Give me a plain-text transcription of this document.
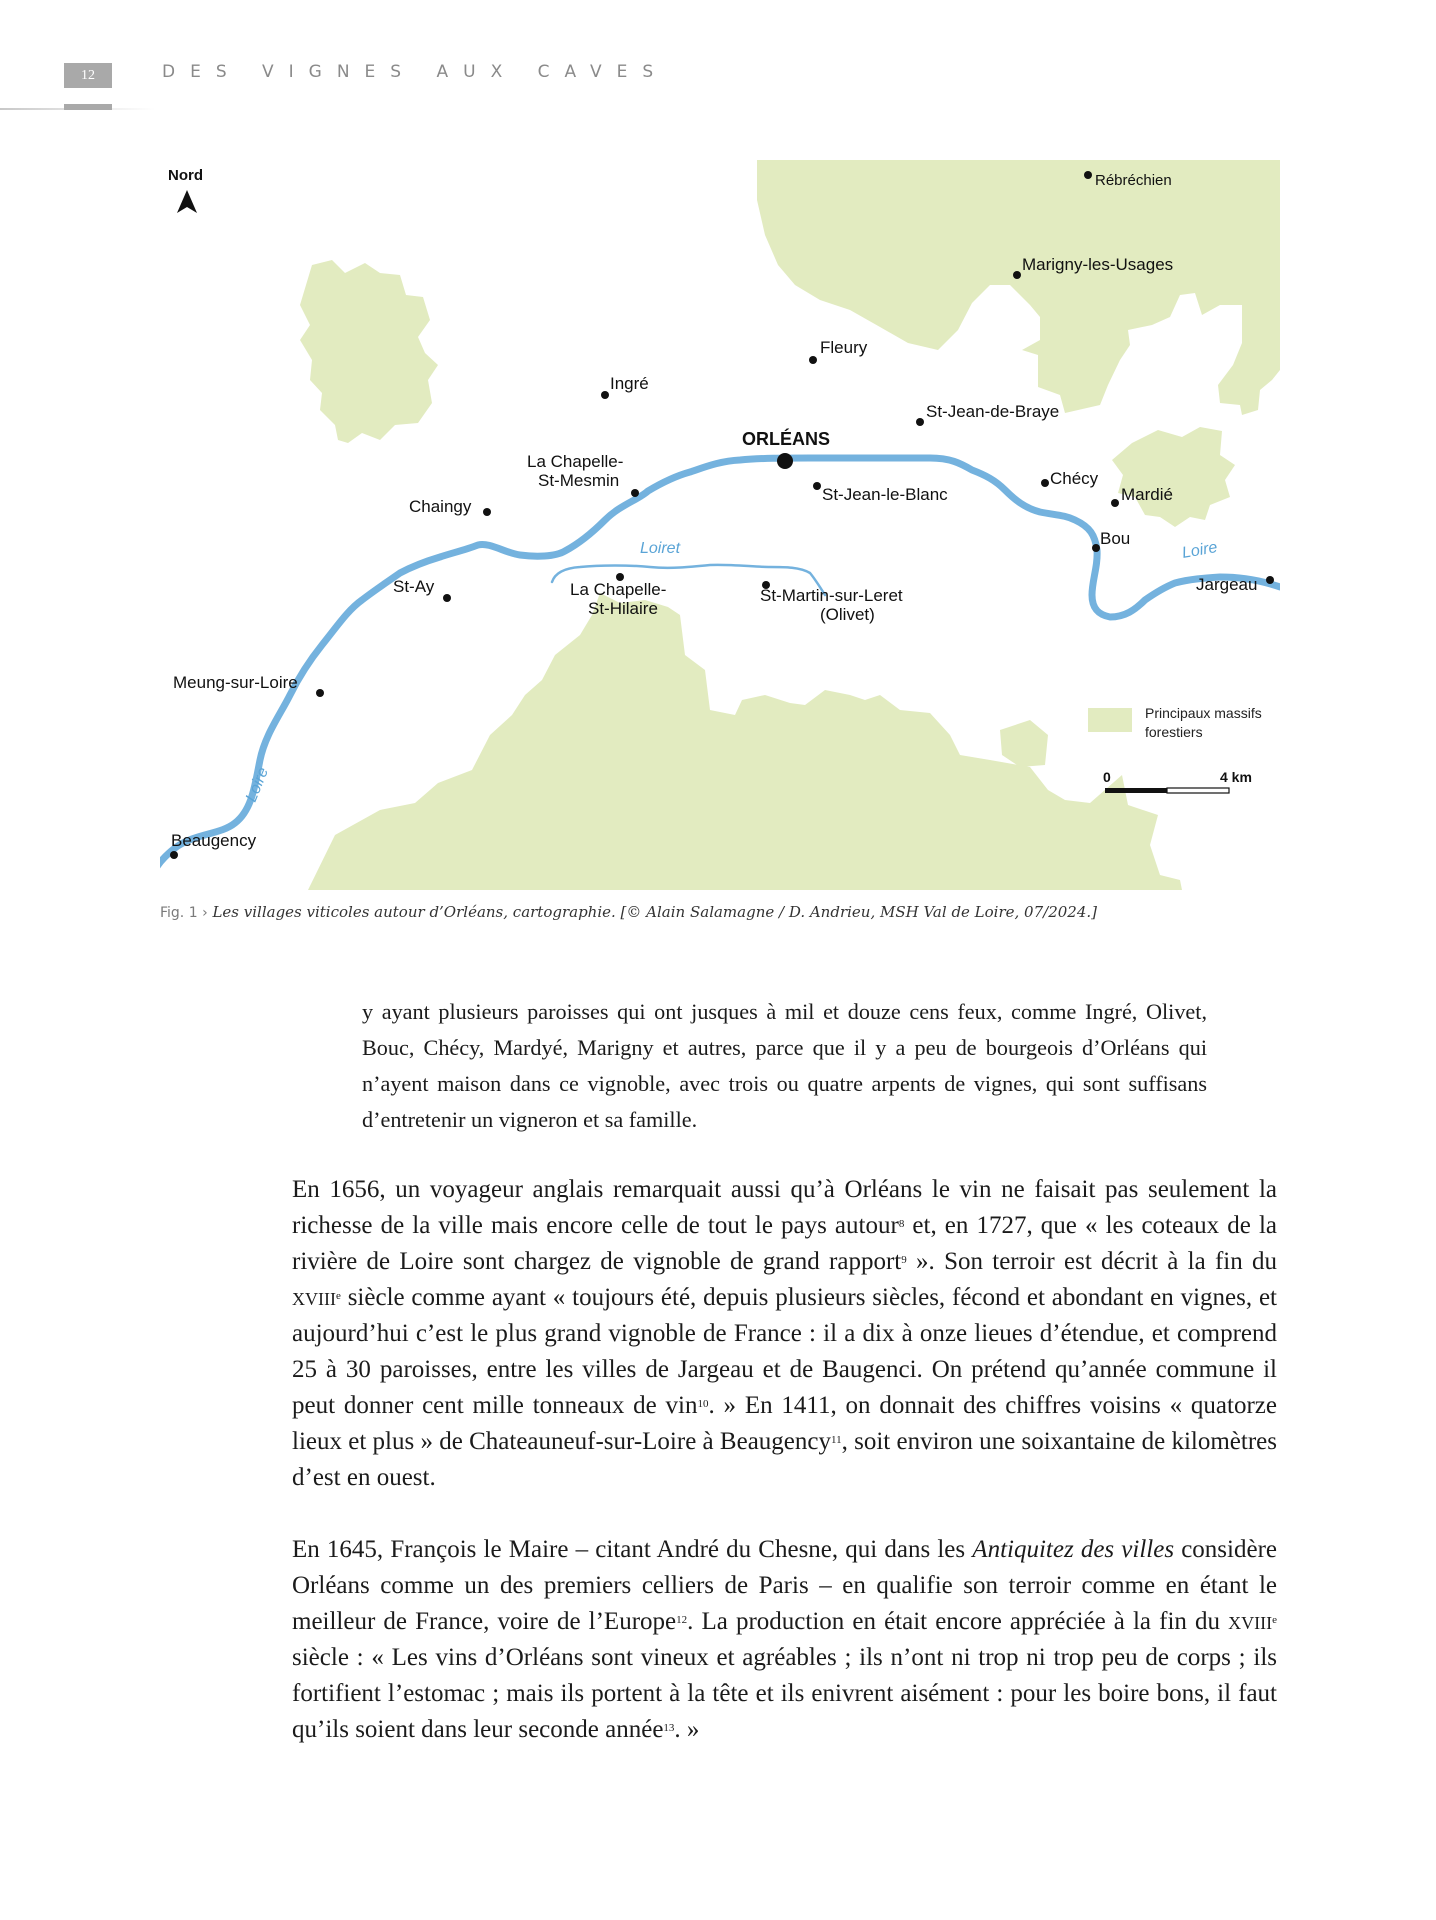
12	DES VIGNES AUX CAVES
Loiret	Loire
Loire
Nord
ORLÉANS
Rébréchien
Marigny-les-Usages
Fleury
Ingré
St-Jean-de-Braye
La Chapelle-
St-Mesmin
Chaingy
St-Jean-le-Blanc
Chécy
Mardié
Bou
Jargeau
St-Ay	La Chapelle-
St-Hilaire
St-Martin-sur-Leret
(Olivet)
Meung-sur-Loire
Beaugency
Principaux massifs
forestiers
0	4 km
Fig. 1 › Les villages viticoles autour d’Orléans, cartographie. [© Alain Salamagne / D. Andrieu, MSH Val de Loire, 07/2024.]

y ayant plusieurs paroisses qui ont jusques à mil et douze cens feux, comme Ingré, Olivet, Bouc, Chécy, Mardyé, Marigny et autres, parce que il y a peu de bourgeois d’Orléans qui n’ayent maison dans ce vignoble, avec trois ou quatre arpents de vignes, qui sont suffisans d’entretenir un vigneron et sa famille.

En 1656, un voyageur anglais remarquait aussi qu’à Orléans le vin ne faisait pas seulement la richesse de la ville mais encore celle de tout le pays autour$^8$ et, en 1727, que « les coteaux de la rivière de Loire sont chargez de vignoble de grand rapport$^9$ ». Son terroir est décrit à la fin du xviii$^e$ siècle comme ayant « toujours été, depuis plusieurs siècles, fécond et abondant en vignes, et aujourd’hui c’est le plus grand vignoble de France : il a dix à onze lieues d’étendue, et comprend 25 à 30 paroisses, entre les villes de Jargeau et de Baugenci. On prétend qu’année commune il peut donner cent mille tonneaux de vin$^{10}$. » En 1411, on donnait des chiffres voisins « quatorze lieux et plus » de Chateauneuf-sur-Loire à Beaugency$^{11}$, soit environ une soixantaine de kilomètres d’est en ouest.

En 1645, François le Maire – citant André du Chesne, qui dans les Antiquitez des villes considère Orléans comme un des premiers celliers de Paris – en qualifie son terroir comme en étant le meilleur de France, voire de l’Europe$^{12}$. La production en était encore appréciée à la fin du xviii$^e$ siècle : « Les vins d’Orléans sont vineux et agréables ; ils n’ont ni trop ni trop peu de corps ; ils fortifient l’estomac ; mais ils portent à la tête et ils enivrent aisément : pour les boire bons, il faut qu’ils soient dans leur seconde année$^{13}$. »
